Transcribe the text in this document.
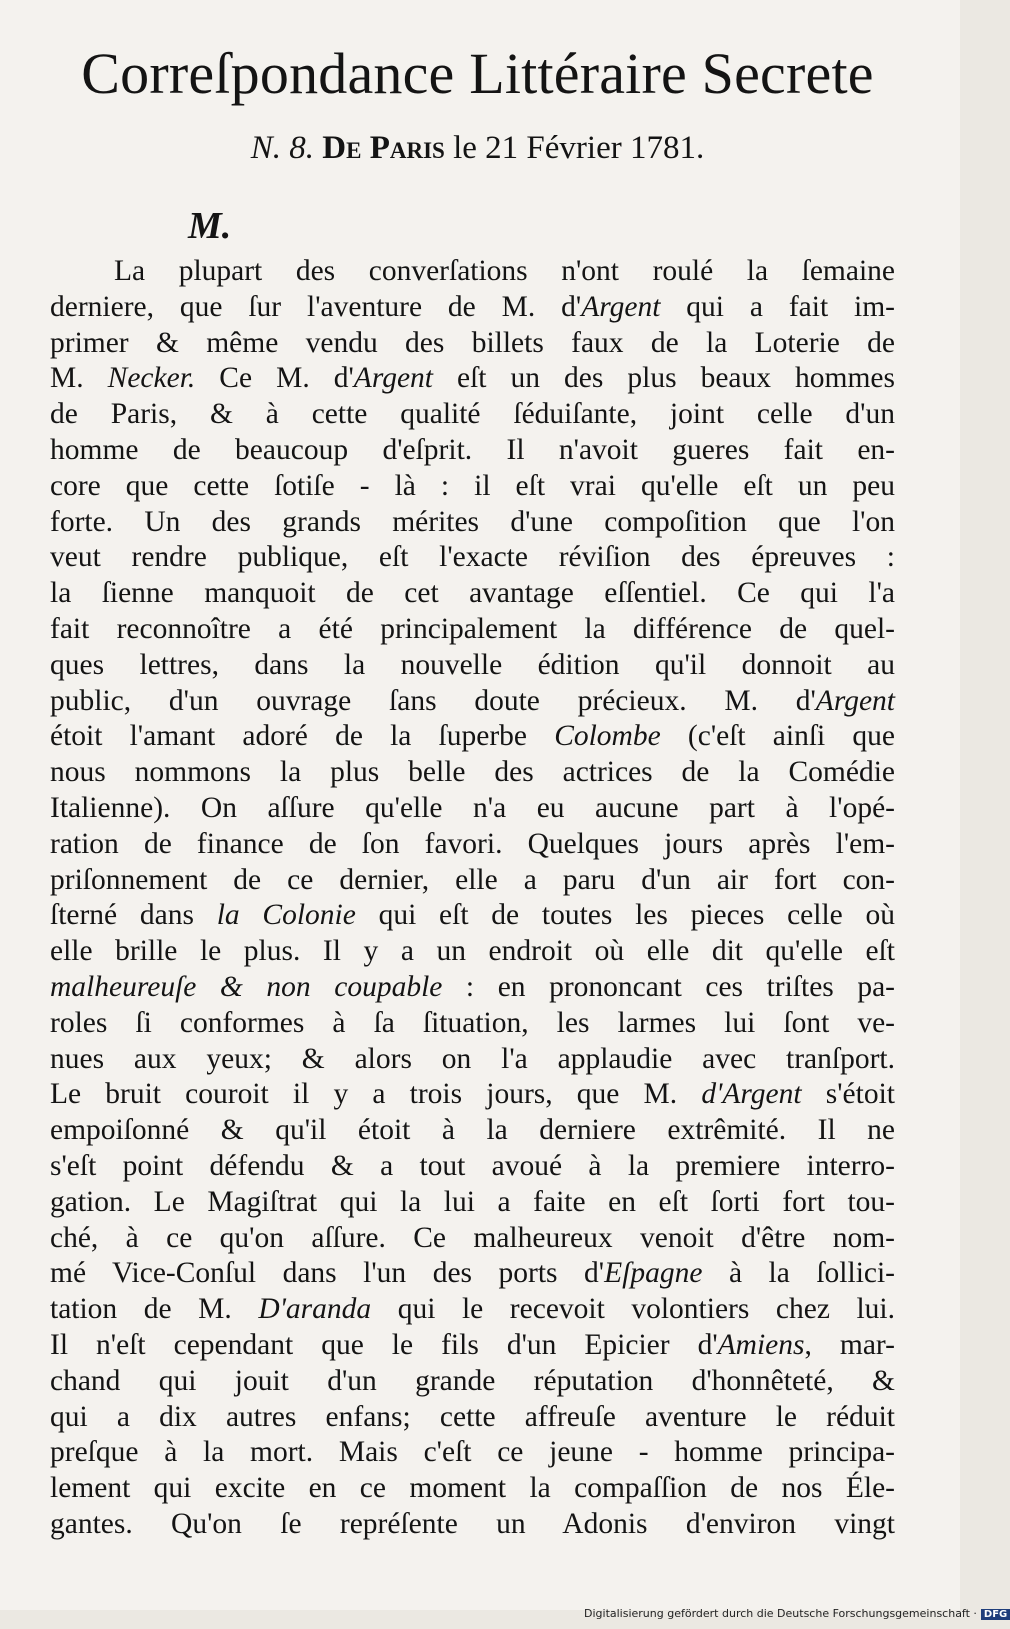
Correſpondance Littéraire Secrete
N. 8. De Paris le 21 Février 1781.
M.
La plupart des converſations n'ont roulé la ſemaine
derniere, que ſur l'aventure de M. d'Argent qui a fait im-
primer & même vendu des billets faux de la Loterie de
M. Necker. Ce M. d'Argent eſt un des plus beaux hommes
de Paris, & à cette qualité ſéduiſante, joint celle d'un
homme de beaucoup d'eſprit. Il n'avoit gueres fait en-
core que cette ſotiſe - là : il eſt vrai qu'elle eſt un peu
forte. Un des grands mérites d'une compoſition que l'on
veut rendre publique, eſt l'exacte réviſion des épreuves :
la ſienne manquoit de cet avantage eſſentiel. Ce qui l'a
fait reconnoître a été principalement la différence de quel-
ques lettres, dans la nouvelle édition qu'il donnoit au
public, d'un ouvrage ſans doute précieux. M. d'Argent
étoit l'amant adoré de la ſuperbe Colombe (c'eſt ainſi que
nous nommons la plus belle des actrices de la Comédie
Italienne). On aſſure qu'elle n'a eu aucune part à l'opé-
ration de finance de ſon favori. Quelques jours après l'em-
priſonnement de ce dernier, elle a paru d'un air fort con-
ſterné dans la Colonie qui eſt de toutes les pieces celle où
elle brille le plus. Il y a un endroit où elle dit qu'elle eſt
malheureuſe & non coupable : en prononcant ces triſtes pa-
roles ſi conformes à ſa ſituation, les larmes lui ſont ve-
nues aux yeux; & alors on l'a applaudie avec tranſport.
Le bruit couroit il y a trois jours, que M. d'Argent s'étoit
empoiſonné & qu'il étoit à la derniere extrêmité. Il ne
s'eſt point défendu & a tout avoué à la premiere interro-
gation. Le Magiſtrat qui la lui a faite en eſt ſorti fort tou-
ché, à ce qu'on aſſure. Ce malheureux venoit d'être nom-
mé Vice-Conſul dans l'un des ports d'Eſpagne à la ſollici-
tation de M. D'aranda qui le recevoit volontiers chez lui.
Il n'eſt cependant que le fils d'un Epicier d'Amiens, mar-
chand qui jouit d'un grande réputation d'honnêteté, &
qui a dix autres enfans; cette affreuſe aventure le réduit
preſque à la mort. Mais c'eſt ce jeune - homme principa-
lement qui excite en ce moment la compaſſion de nos Éle-
gantes. Qu'on ſe repréſente un Adonis d'environ vingt
Digitalisierung gefördert durch die Deutsche Forschungsgemeinschaft · DFG
